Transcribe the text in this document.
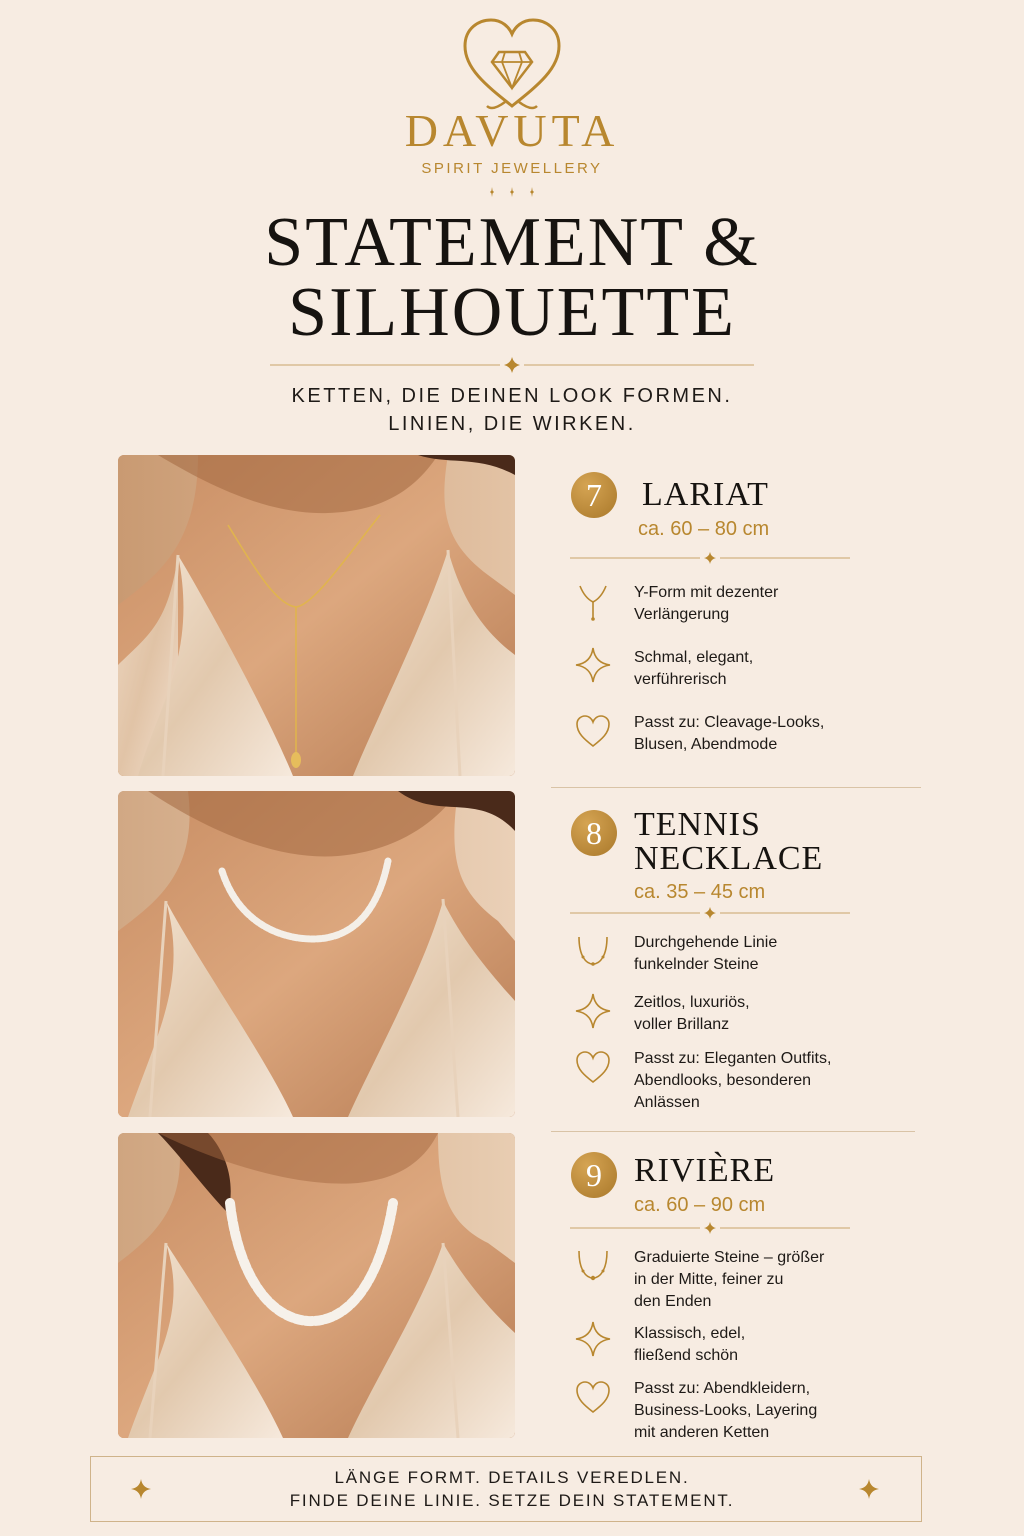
DAVUTA
SPIRIT JEWELLERY
STATEMENT &
SILHOUETTE
KETTEN, DIE DEINEN LOOK FORMEN.
LINIEN, DIE WIRKEN.
7	LARIAT
ca. 60 – 80 cm
Y-Form mit dezenter
Verlängerung
Schmal, elegant,
verführerisch
Passt zu: Cleavage-Looks,
Blusen, Abendmode
8 TENNIS
NECKLACE
ca. 35 – 45 cm
Durchgehende Linie
funkelnder Steine
Zeitlos, luxuriös,
voller Brillanz
Passt zu: Eleganten Outfits,
Abendlooks, besonderen
Anlässen
9 RIVIÈRE
ca. 60 – 90 cm
Graduierte Steine – größer
in der Mitte, feiner zu
den Enden
Klassisch, edel,
fließend schön
Passt zu: Abendkleidern,
Business-Looks, Layering
mit anderen Ketten
LÄNGE FORMT. DETAILS VEREDLEN.
FINDE DEINE LINIE. SETZE DEIN STATEMENT.
